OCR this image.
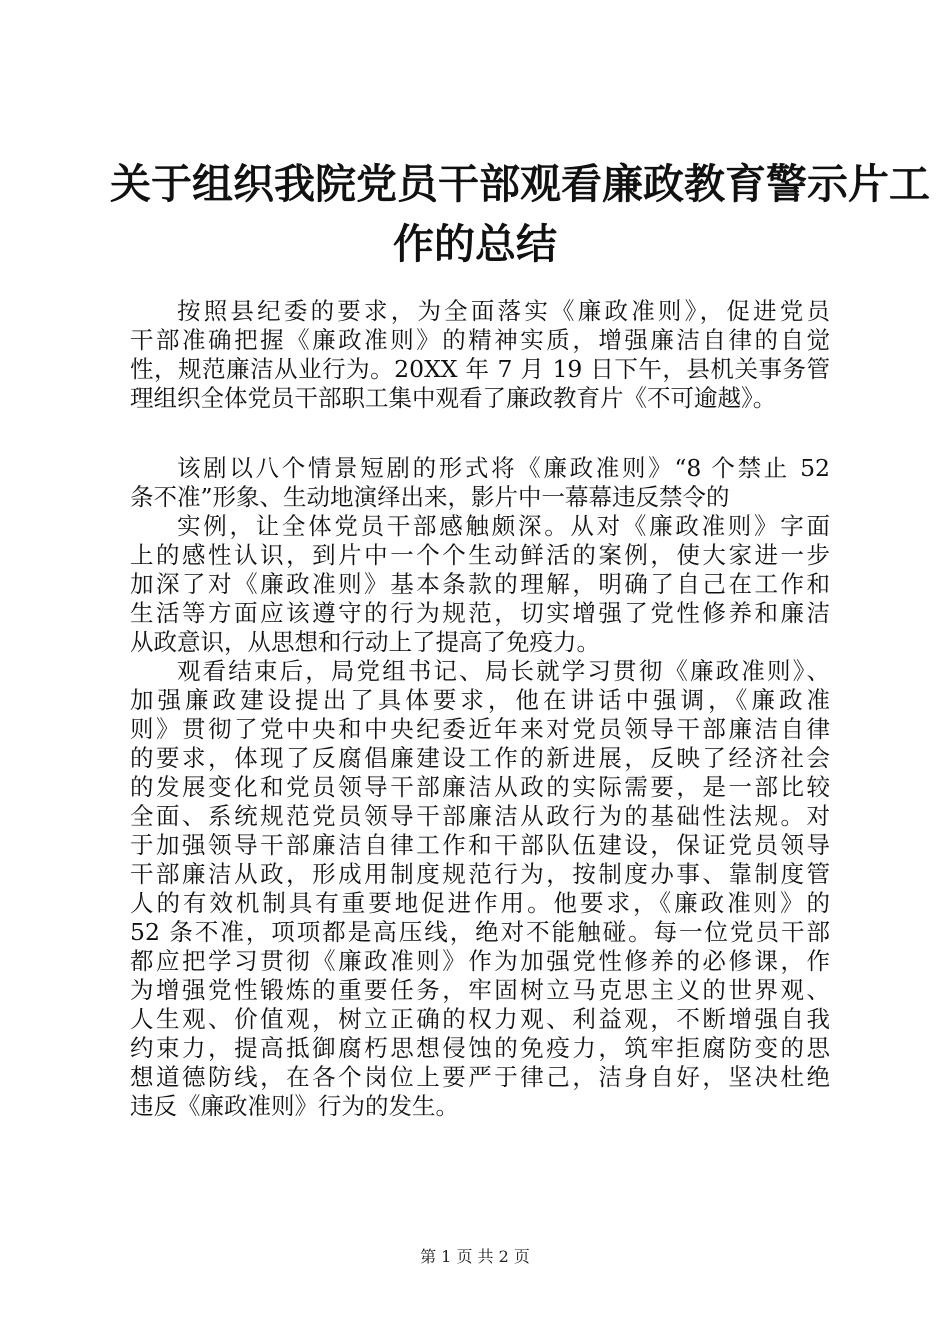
关于组织我院党员干部观看廉政教育警示片工
作的总结

按照县纪委的要求，为全面落实《廉政准则》，促进党员

干部准确把握《廉政准则》的精神实质，增强廉洁自律的自觉

性，规范廉洁从业行为。20XX 年 7 月 19 日下午，县机关事务管

理组织全体党员干部职工集中观看了廉政教育片《不可逾越》。

该剧以八个情景短剧的形式将《廉政准则》“8 个禁止 52

条不准”形象、生动地演绎出来，影片中一幕幕违反禁令的

实例，让全体党员干部感触颇深。从对《廉政准则》字面

上的感性认识，到片中一个个生动鲜活的案例，使大家进一步

加深了对《廉政准则》基本条款的理解，明确了自己在工作和

生活等方面应该遵守的行为规范，切实增强了党性修养和廉洁

从政意识，从思想和行动上了提高了免疫力。

观看结束后，局党组书记、局长就学习贯彻《廉政准则》、

加强廉政建设提出了具体要求，他在讲话中强调，《廉政准

则》贯彻了党中央和中央纪委近年来对党员领导干部廉洁自律

的要求，体现了反腐倡廉建设工作的新进展，反映了经济社会

的发展变化和党员领导干部廉洁从政的实际需要，是一部比较

全面、系统规范党员领导干部廉洁从政行为的基础性法规。对

于加强领导干部廉洁自律工作和干部队伍建设，保证党员领导

干部廉洁从政，形成用制度规范行为，按制度办事、靠制度管

人的有效机制具有重要地促进作用。他要求，《廉政准则》的

52 条不准，项项都是高压线，绝对不能触碰。每一位党员干部

都应把学习贯彻《廉政准则》作为加强党性修养的必修课，作

为增强党性锻炼的重要任务，牢固树立马克思主义的世界观、

人生观、价值观，树立正确的权力观、利益观，不断增强自我

约束力，提高抵御腐朽思想侵蚀的免疫力，筑牢拒腐防变的思

想道德防线，在各个岗位上要严于律己，洁身自好，坚决杜绝

违反《廉政准则》行为的发生。

第 1 页 共 2 页
